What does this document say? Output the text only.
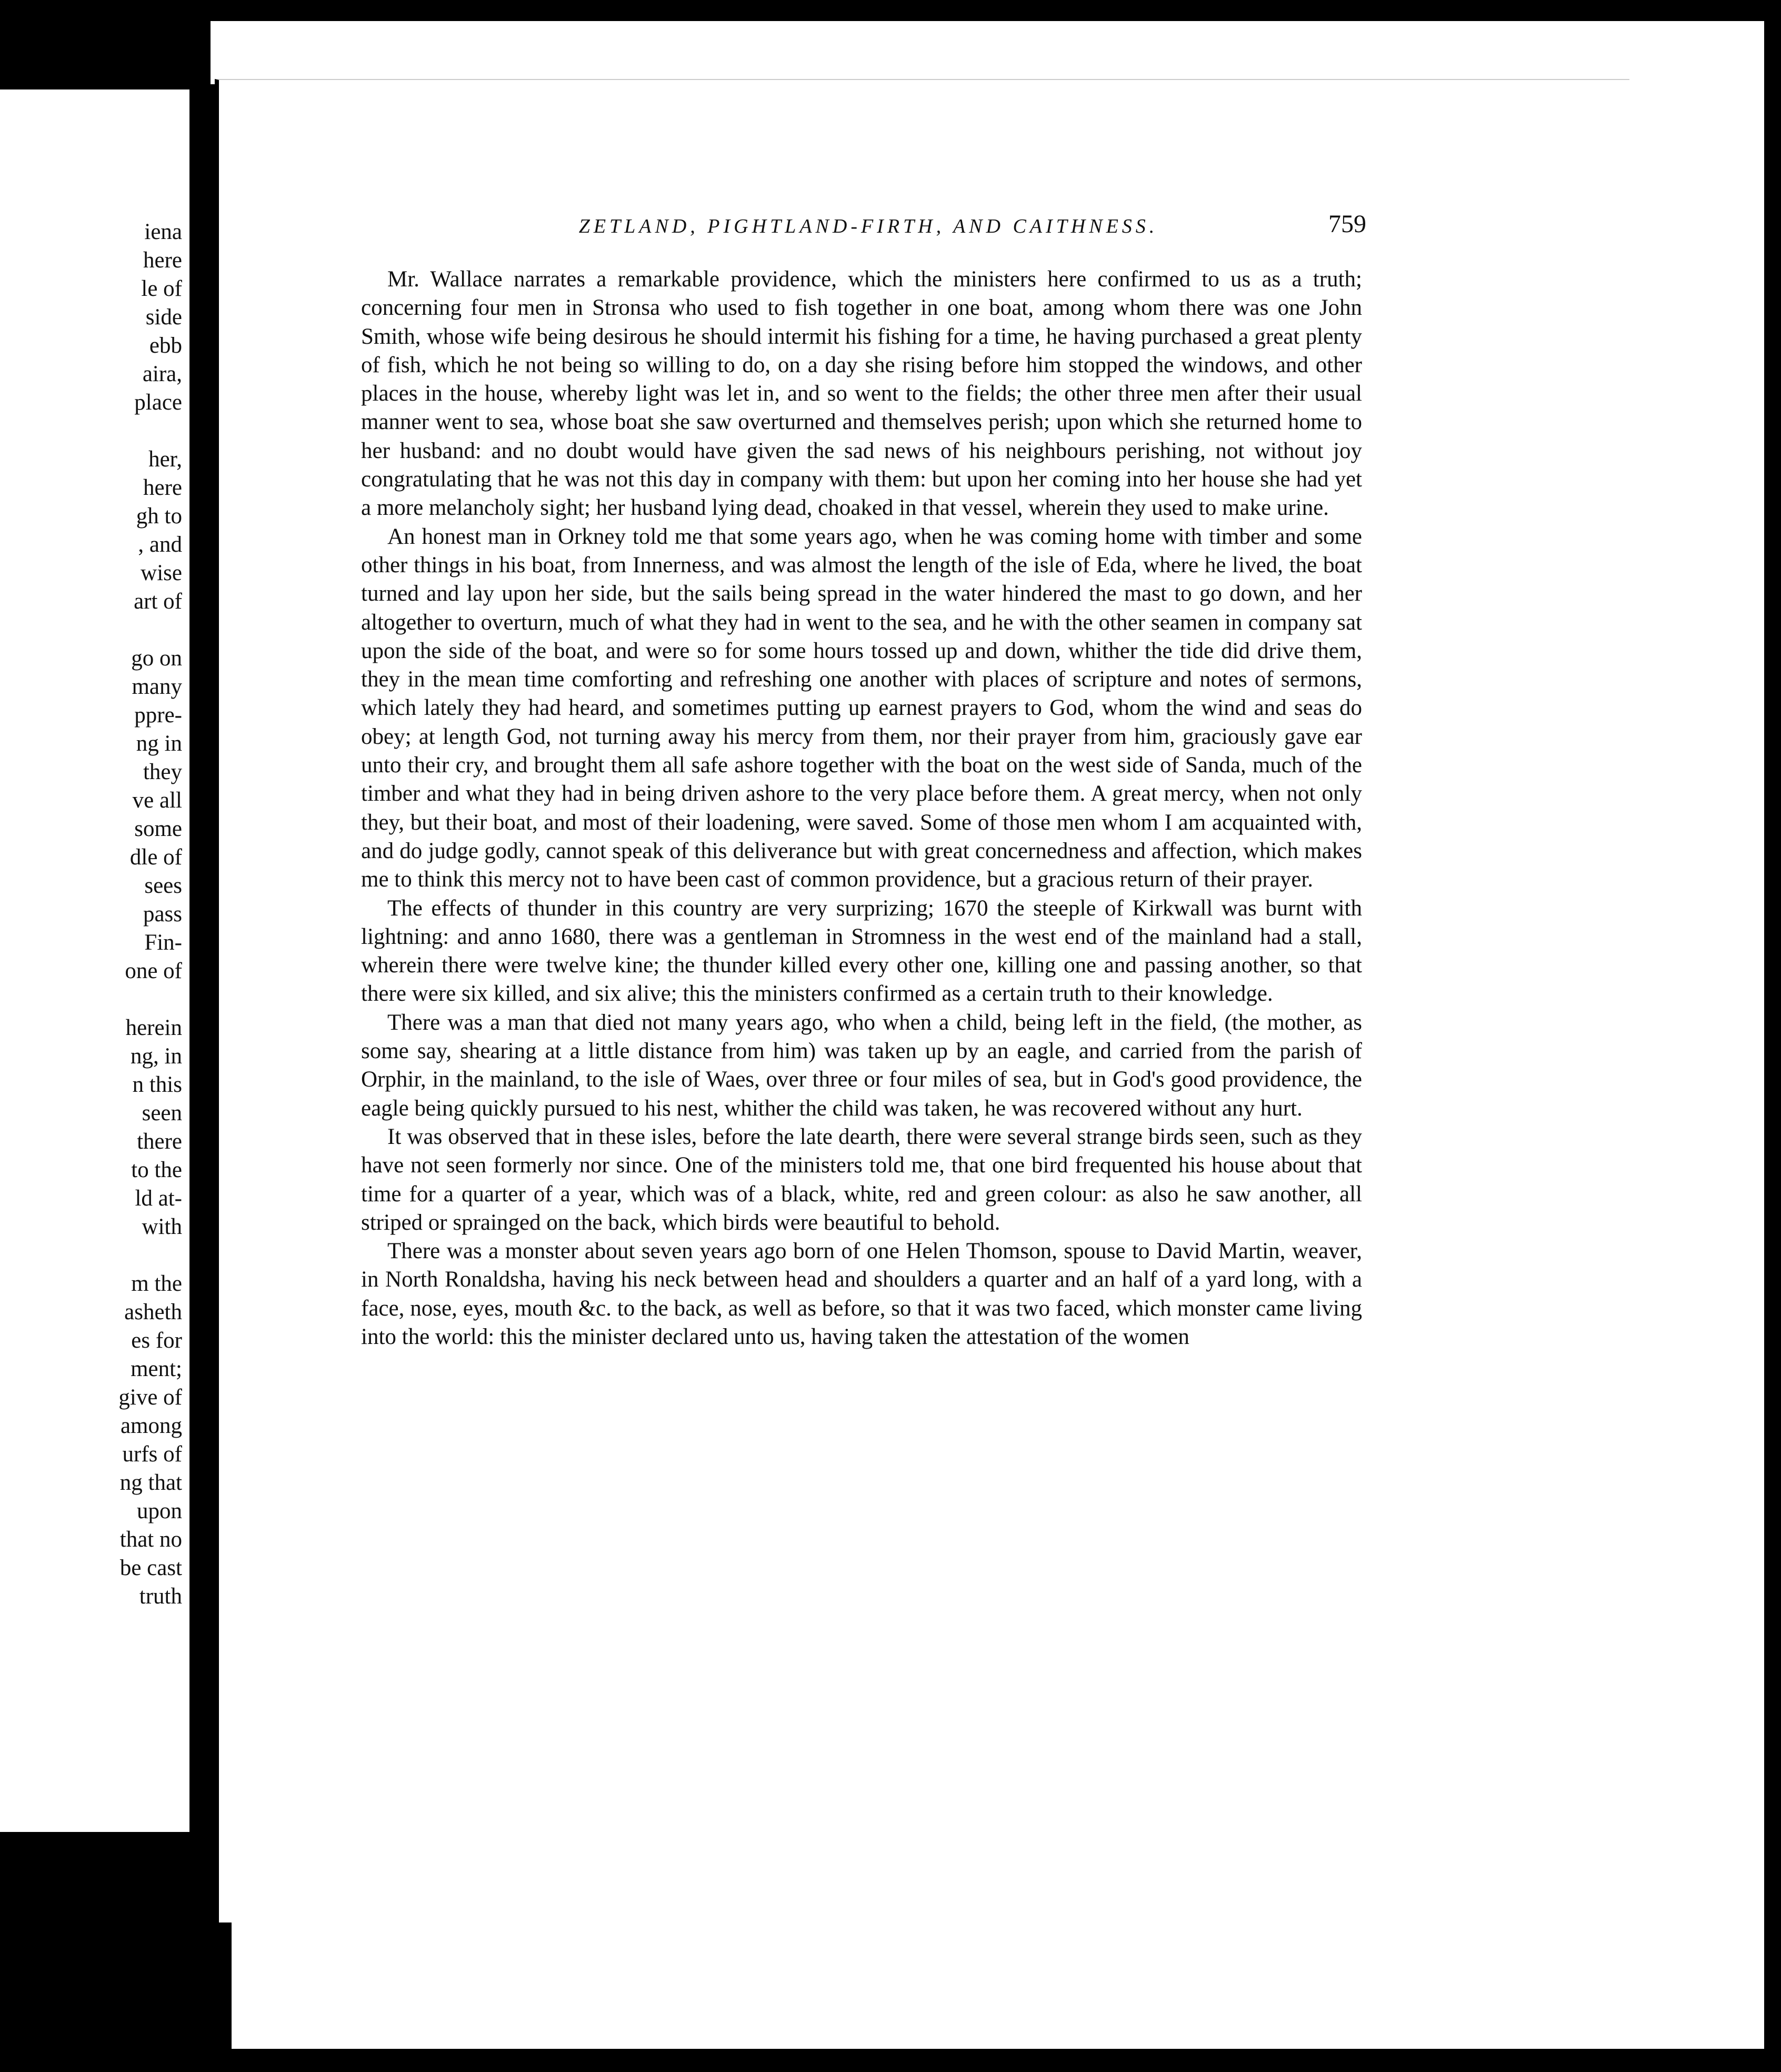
iena
here
le of
side
ebb
aira,
place
her,
here
gh to
, and
wise
art of
go on
many
ppre-
ng in
they
ve all
some
dle of
sees
pass
Fin-
one of
herein
ng, in
n this
seen
there
to the
ld at-
with
m the
asheth
es for
ment;
give of
among
urfs of
ng that
upon
that no
be cast
truth
ZETLAND, PIGHTLAND-FIRTH, AND CAITHNESS.	759

Mr. Wallace narrates a remarkable providence, which the ministers here confirmed to us as a truth; concerning four men in Stronsa who used to fish together in one boat, among whom there was one John Smith, whose wife being desirous he should intermit his fishing for a time, he having purchased a great plenty of fish, which he not being so willing to do, on a day she rising before him stopped the windows, and other places in the house, whereby light was let in, and so went to the fields; the other three men after their usual manner went to sea, whose boat she saw overturned and themselves perish; upon which she returned home to her husband: and no doubt would have given the sad news of his neighbours perishing, not without joy congratulating that he was not this day in company with them: but upon her coming into her house she had yet a more melancholy sight; her husband lying dead, choaked in that vessel, wherein they used to make urine.

An honest man in Orkney told me that some years ago, when he was coming home with timber and some other things in his boat, from Innerness, and was almost the length of the isle of Eda, where he lived, the boat turned and lay upon her side, but the sails being spread in the water hindered the mast to go down, and her altogether to overturn, much of what they had in went to the sea, and he with the other seamen in company sat upon the side of the boat, and were so for some hours tossed up and down, whither the tide did drive them, they in the mean time comforting and refreshing one another with places of scripture and notes of sermons, which lately they had heard, and sometimes putting up earnest prayers to God, whom the wind and seas do obey; at length God, not turning away his mercy from them, nor their prayer from him, graciously gave ear unto their cry, and brought them all safe ashore together with the boat on the west side of Sanda, much of the timber and what they had in being driven ashore to the very place before them. A great mercy, when not only they, but their boat, and most of their loadening, were saved. Some of those men whom I am acquainted with, and do judge godly, cannot speak of this deliverance but with great concernedness and affection, which makes me to think this mercy not to have been cast of common providence, but a gracious return of their prayer.

The effects of thunder in this country are very surprizing; 1670 the steeple of Kirkwall was burnt with lightning: and anno 1680, there was a gentleman in Stromness in the west end of the mainland had a stall, wherein there were twelve kine; the thunder killed every other one, killing one and passing another, so that there were six killed, and six alive; this the ministers confirmed as a certain truth to their knowledge.

There was a man that died not many years ago, who when a child, being left in the field, (the mother, as some say, shearing at a little distance from him) was taken up by an eagle, and carried from the parish of Orphir, in the mainland, to the isle of Waes, over three or four miles of sea, but in God's good providence, the eagle being quickly pursued to his nest, whither the child was taken, he was recovered without any hurt.

It was observed that in these isles, before the late dearth, there were several strange birds seen, such as they have not seen formerly nor since. One of the ministers told me, that one bird frequented his house about that time for a quarter of a year, which was of a black, white, red and green colour: as also he saw another, all striped or sprainged on the back, which birds were beautiful to behold.

There was a monster about seven years ago born of one Helen Thomson, spouse to David Martin, weaver, in North Ronaldsha, having his neck between head and shoulders a quarter and an half of a yard long, with a face, nose, eyes, mouth &c. to the back, as well as before, so that it was two faced, which monster came living into the world: this the minister declared unto us, having taken the attestation of the women
